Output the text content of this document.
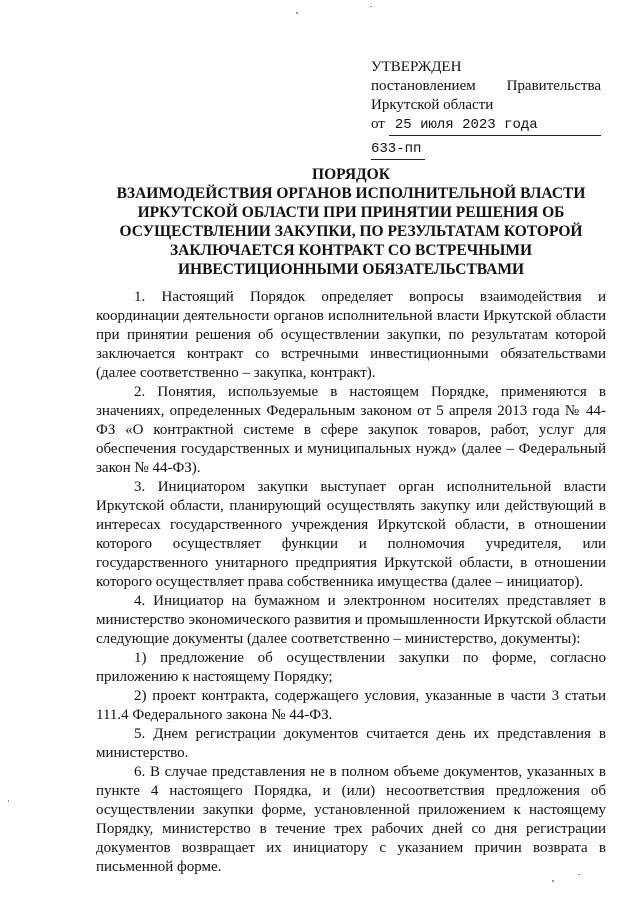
УТВЕРЖДЕН
постановлением Правительства
Иркутской области
от 25 июля 2023 года
633-пп
ПОРЯДОК
ВЗАИМОДЕЙСТВИЯ ОРГАНОВ ИСПОЛНИТЕЛЬНОЙ ВЛАСТИ
ИРКУТСКОЙ ОБЛАСТИ ПРИ ПРИНЯТИИ РЕШЕНИЯ ОБ
ОСУЩЕСТВЛЕНИИ ЗАКУПКИ, ПО РЕЗУЛЬТАТАМ КОТОРОЙ
ЗАКЛЮЧАЕТСЯ КОНТРАКТ СО ВСТРЕЧНЫМИ
ИНВЕСТИЦИОННЫМИ ОБЯЗАТЕЛЬСТВАМИ

1. Настоящий Порядок определяет вопросы взаимодействия и координации деятельности органов исполнительной власти Иркутской области при принятии решения об осуществлении закупки, по результатам которой заключается контракт со встречными инвестиционными обязательствами (далее соответственно – закупка, контракт).

2. Понятия, используемые в настоящем Порядке, применяются в значениях, определенных Федеральным законом от 5 апреля 2013 года № 44-ФЗ «О контрактной системе в сфере закупок товаров, работ, услуг для обеспечения государственных и муниципальных нужд» (далее – Федеральный закон № 44-ФЗ).

3. Инициатором закупки выступает орган исполнительной власти Иркутской области, планирующий осуществлять закупку или действующий в интересах государственного учреждения Иркутской области, в отношении которого осуществляет функции и полномочия учредителя, или государственного унитарного предприятия Иркутской области, в отношении которого осуществляет права собственника имущества (далее – инициатор).

4. Инициатор на бумажном и электронном носителях представляет в министерство экономического развития и промышленности Иркутской области следующие документы (далее соответственно – министерство, документы):

1) предложение об осуществлении закупки по форме, согласно приложению к настоящему Порядку;

2) проект контракта, содержащего условия, указанные в части 3 статьи 111.4 Федерального закона № 44-ФЗ.

5. Днем регистрации документов считается день их представления в министерство.

6. В случае представления не в полном объеме документов, указанных в пункте 4 настоящего Порядка, и (или) несоответствия предложения об осуществлении закупки форме, установленной приложением к настоящему Порядку, министерство в течение трех рабочих дней со дня регистрации документов возвращает их инициатору с указанием причин возврата в письменной форме.
